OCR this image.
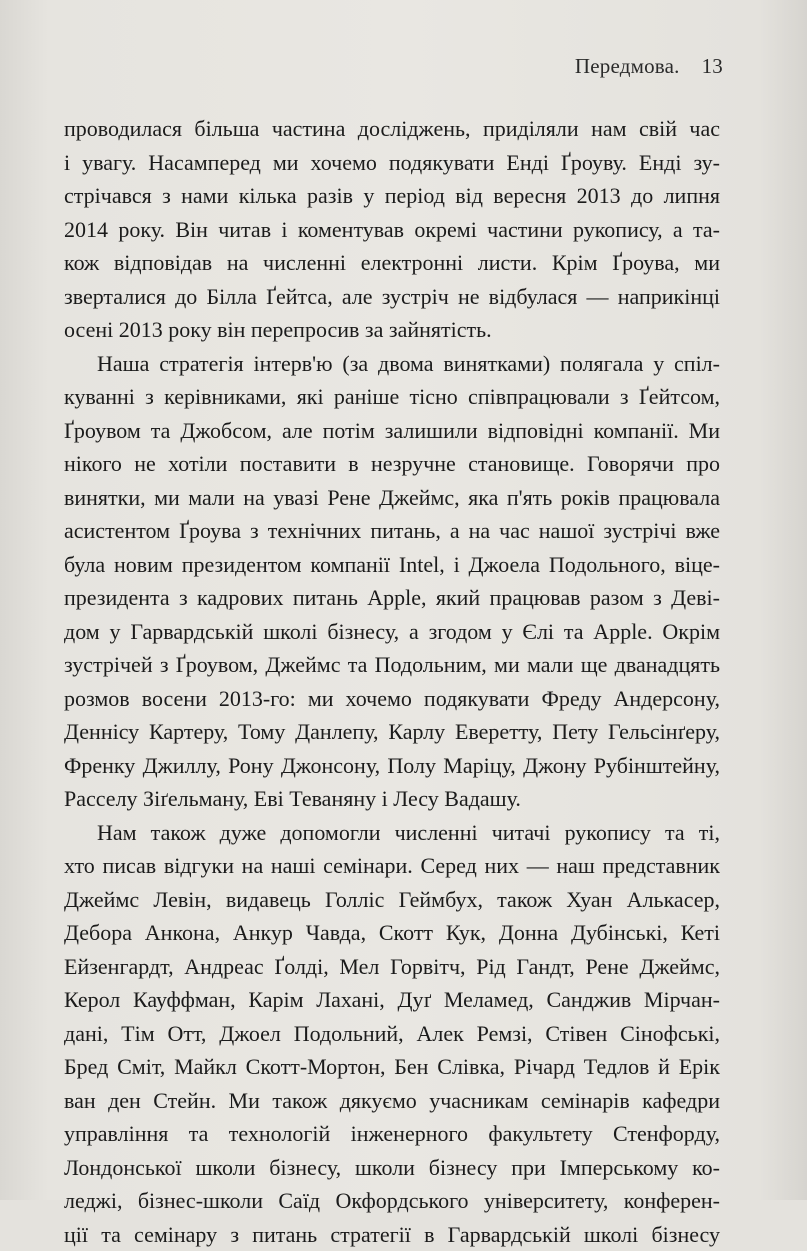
Передмова. 13
проводилася більша частина досліджень, приділяли нам свій час
і увагу. Насамперед ми хочемо подякувати Енді Ґроуву. Енді зу-
стрічався з нами кілька разів у період від вересня 2013 до липня
2014 року. Він читав і коментував окремі частини рукопису, а та-
кож відповідав на численні електронні листи. Крім Ґроува, ми
зверталися до Білла Ґейтса, але зустріч не відбулася — наприкінці
осені 2013 року він перепросив за зайнятість.
Наша стратегія інтерв'ю (за двома винятками) полягала у спіл-
куванні з керівниками, які раніше тісно співпрацювали з Ґейтсом,
Ґроувом та Джобсом, але потім залишили відповідні компанії. Ми
нікого не хотіли поставити в незручне становище. Говорячи про
винятки, ми мали на увазі Рене Джеймс, яка п'ять років працювала
асистентом Ґроува з технічних питань, а на час нашої зустрічі вже
була новим президентом компанії Intel, і Джоела Подольного, віце-
президента з кадрових питань Apple, який працював разом з Деві-
дом у Гарвардській школі бізнесу, а згодом у Єлі та Apple. Окрім
зустрічей з Ґроувом, Джеймс та Подольним, ми мали ще дванадцять
розмов восени 2013-го: ми хочемо подякувати Фреду Андерсону,
Деннісу Картеру, Тому Данлепу, Карлу Еверетту, Пету Гельсінґеру,
Френку Джиллу, Рону Джонсону, Полу Маріцу, Джону Рубінштейну,
Расселу Зіґельману, Еві Теваняну і Лесу Вадашу.
Нам також дуже допомогли численні читачі рукопису та ті,
хто писав відгуки на наші семінари. Серед них — наш представник
Джеймс Левін, видавець Голліс Геймбух, також Хуан Алькасер,
Дебора Анкона, Анкур Чавда, Скотт Кук, Донна Дубінські, Кеті
Ейзенгардт, Андреас Ґолді, Мел Горвітч, Рід Гандт, Рене Джеймс,
Керол Кауффман, Карім Лахані, Дуґ Меламед, Санджив Мірчан-
дані, Тім Отт, Джоел Подольний, Алек Ремзі, Стівен Сінофські,
Бред Сміт, Майкл Скотт-Мортон, Бен Слівка, Річард Тедлов й Ерік
ван ден Стейн. Ми також дякуємо учасникам семінарів кафедри
управління та технологій інженерного факультету Стенфорду,
Лондонської школи бізнесу, школи бізнесу при Імперському ко-
леджі, бізнес-школи Саїд Окфордського університету, конферен-
ції та семінару з питань стратегії в Гарвардській школі бізнесу
